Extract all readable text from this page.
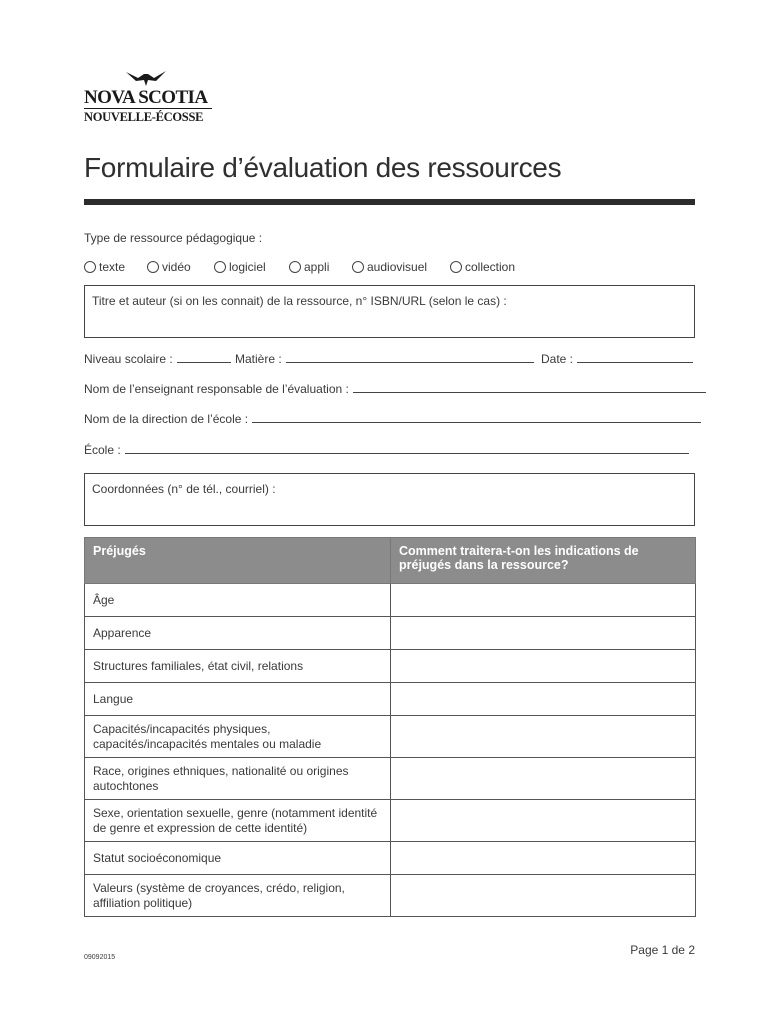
NOVA SCOTIA
NOUVELLE-ÉCOSSE
Formulaire d’évaluation des ressources
Type de ressource pédagogique :
texte	vidéo	logiciel	appli	audiovisuel	collection
Titre et auteur (si on les connait) de la ressource, n° ISBN/URL (selon le cas) :
Niveau scolaire :	Matière :	Date :
Nom de l’enseignant responsable de l’évaluation :
Nom de la direction de l’école :
École :
Coordonnées (n° de tél., courriel) :
Préjugés	Comment traitera-t-on les indications de préjugés dans la ressource?
Âge	
Apparence	
Structures familiales, état civil, relations	
Langue	
Capacités/incapacités physiques, capacités/incapacités mentales ou maladie	
Race, origines ethniques, nationalité ou origines autochtones	
Sexe, orientation sexuelle, genre (notamment identité de genre et expression de cette identité)	
Statut socioéconomique	
Valeurs (système de croyances, crédo, religion, affiliation politique)	
Page 1 de 2
09092015
